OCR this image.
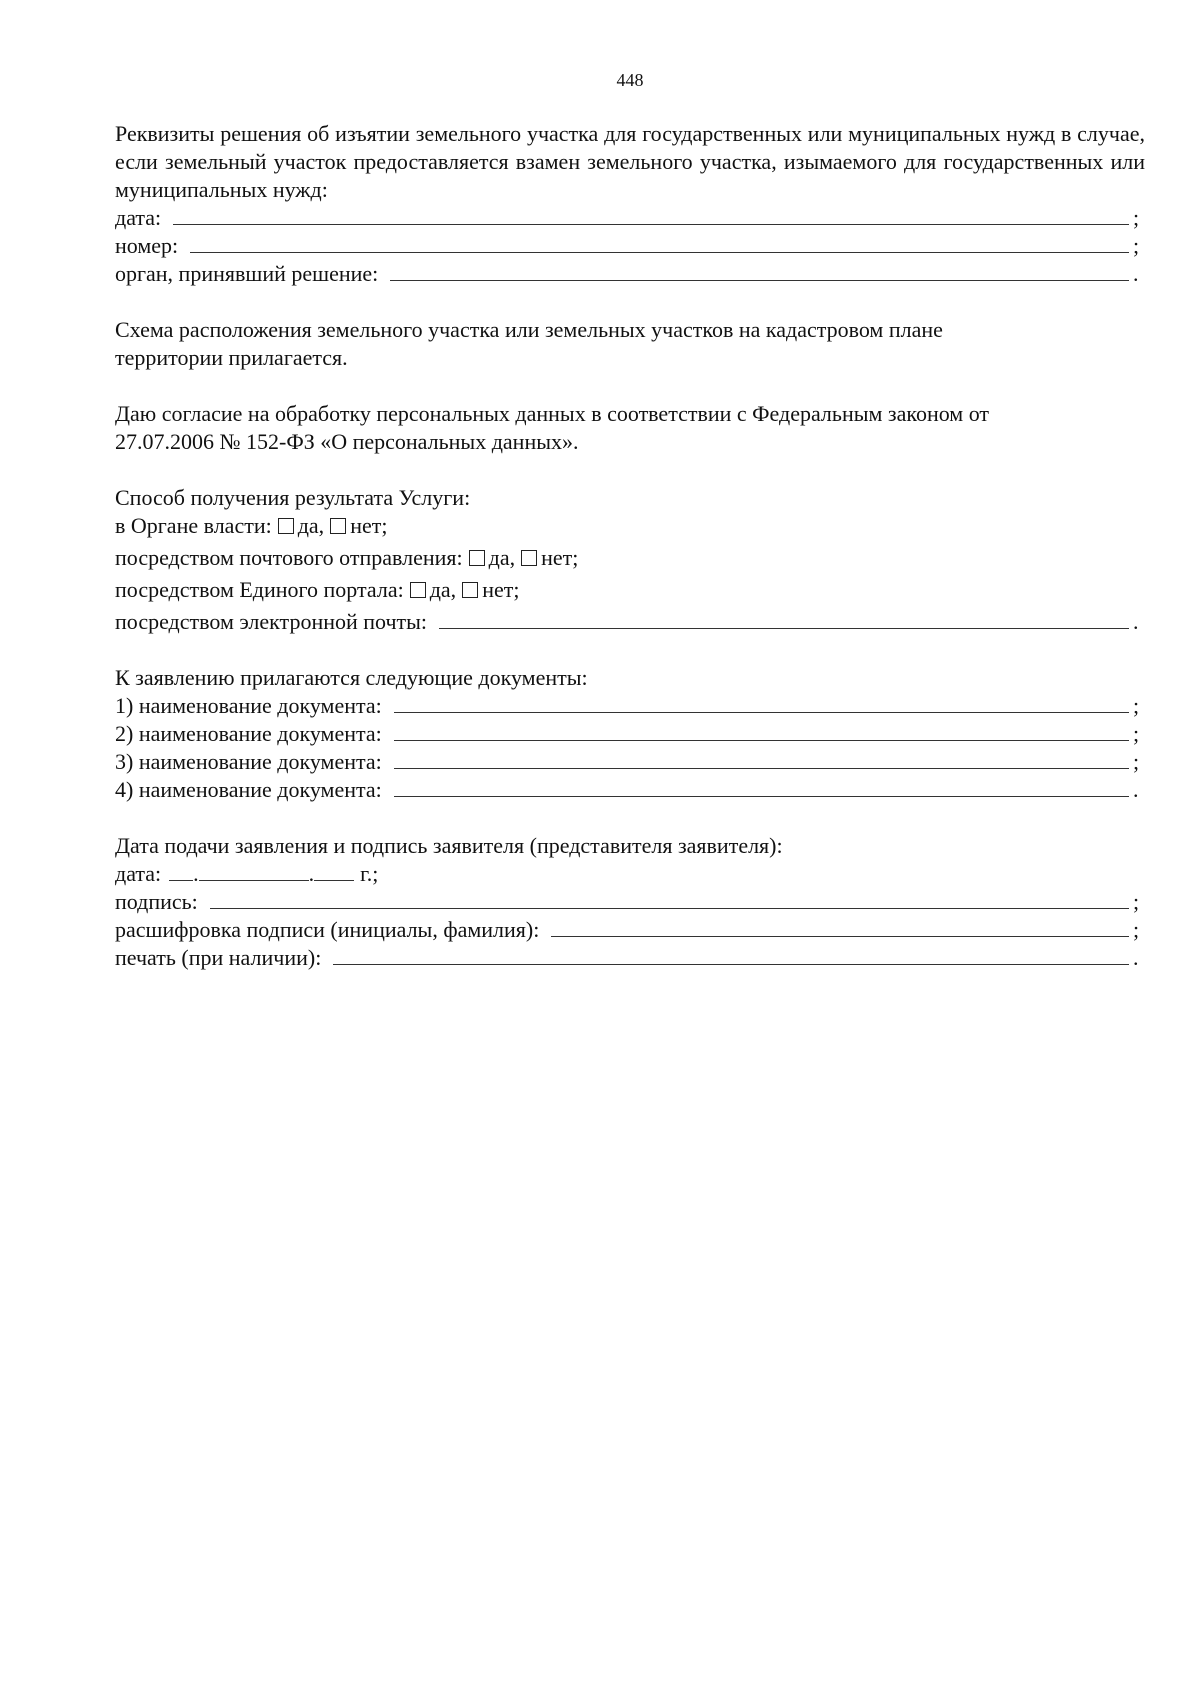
448
Реквизиты решения об изъятии земельного участка для государственных или муниципальных нужд в случае, если земельный участок предоставляется взамен земельного участка, изымаемого для государственных или муниципальных нужд:
дата:	;
номер:	;
орган, принявший решение:	.
Схема расположения земельного участка или земельных участков на кадастровом плане территории прилагается.
Даю согласие на обработку персональных данных в соответствии с Федеральным законом от 27.07.2006 № 152-ФЗ «О персональных данных».
Способ получения результата Услуги:
в Органе власти:	да,	нет;
посредством почтового отправления:	да,	нет;
посредством Единого портала:	да,	нет;
посредством электронной почты:	.
К заявлению прилагаются следующие документы:
1) наименование документа:	;
2) наименование документа:	;
3) наименование документа:	;
4) наименование документа:	.
Дата подачи заявления и подпись заявителя (представителя заявителя):
дата: .	. г.;
подпись:	;
расшифровка подписи (инициалы, фамилия):	;
печать (при наличии):	.
